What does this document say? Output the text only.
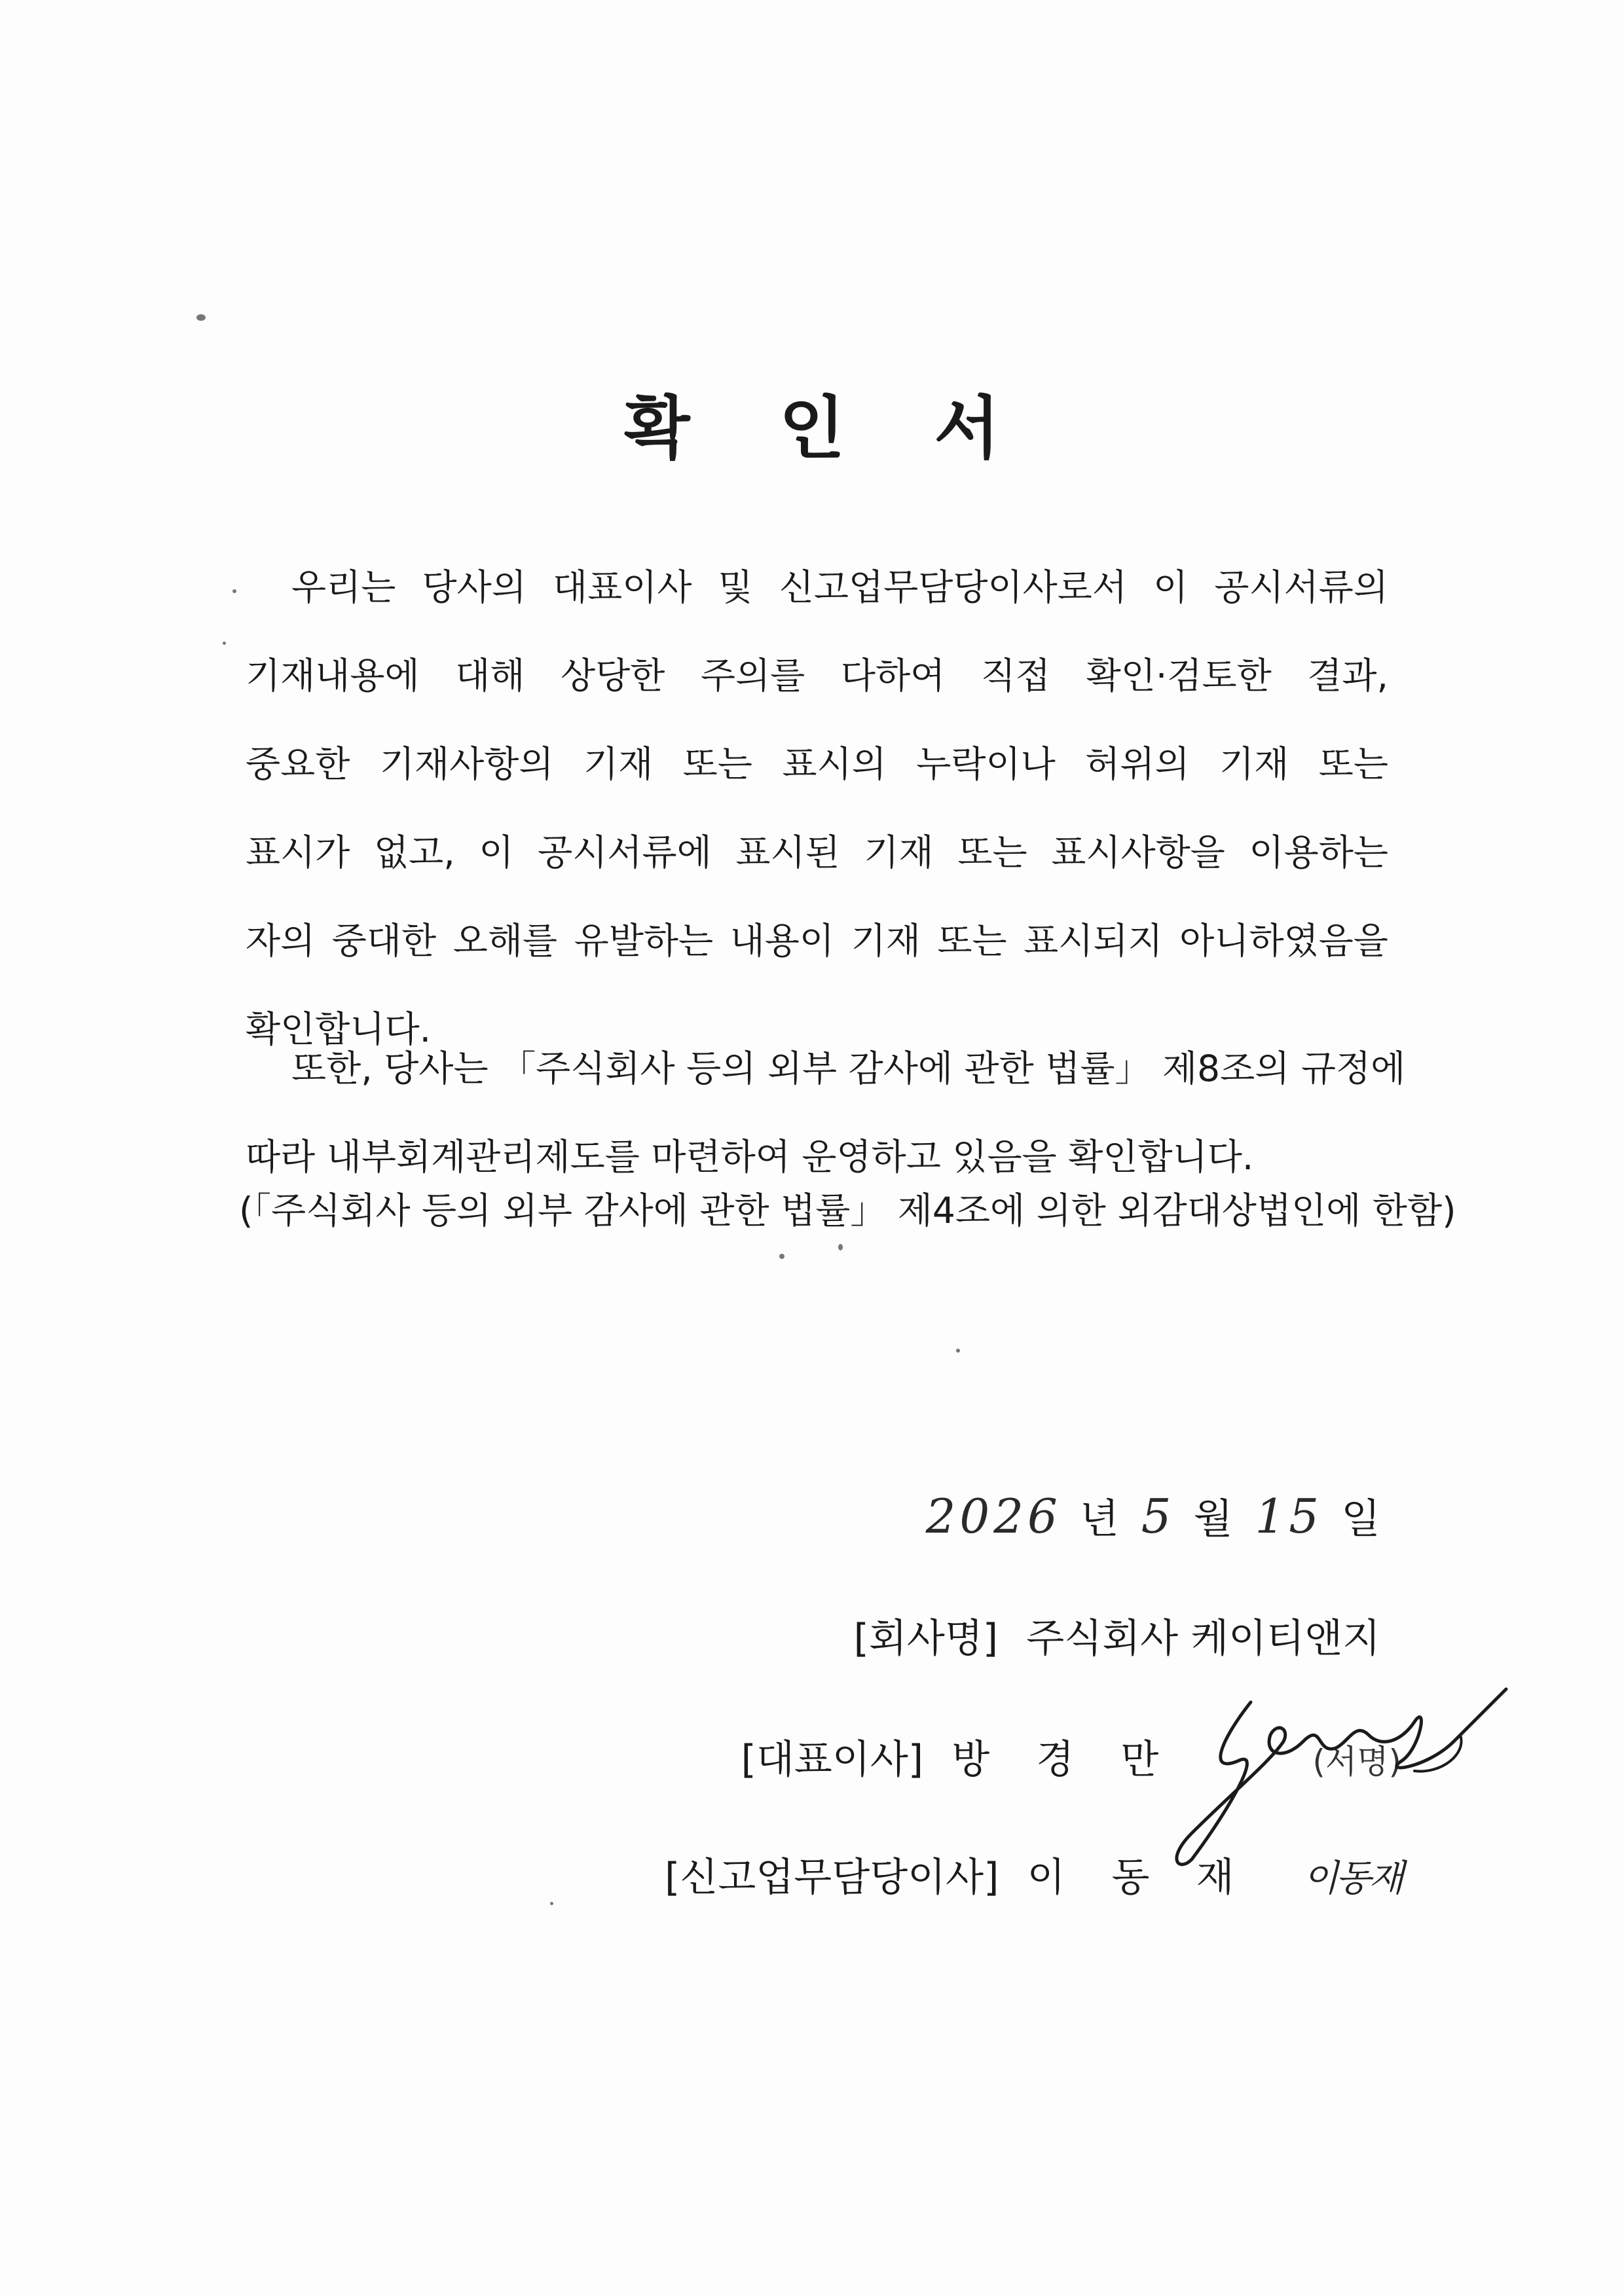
확 인 서
우리는 당사의 대표이사 및 신고업무담당이사로서 이 공시서류의
기재내용에 대해 상당한 주의를 다하여 직접 확인·검토한 결과,
중요한 기재사항의 기재 또는 표시의 누락이나 허위의 기재 또는
표시가 없고, 이 공시서류에 표시된 기재 또는 표시사항을 이용하는
자의 중대한 오해를 유발하는 내용이 기재 또는 표시되지 아니하였음을
확인합니다.
또한, 당사는 「주식회사 등의 외부 감사에 관한 법률」 제8조의 규정에
따라 내부회계관리제도를 마련하여 운영하고 있음을 확인합니다.
(「주식회사 등의 외부 감사에 관한 법률」 제4조에 의한 외감대상법인에 한함)
2026 년 5 월 15 일
[회사명] 주식회사 케이티앤지
[대표이사] 방 경 만	(서명)
[신고업무담당이사] 이 동 재 이동재
